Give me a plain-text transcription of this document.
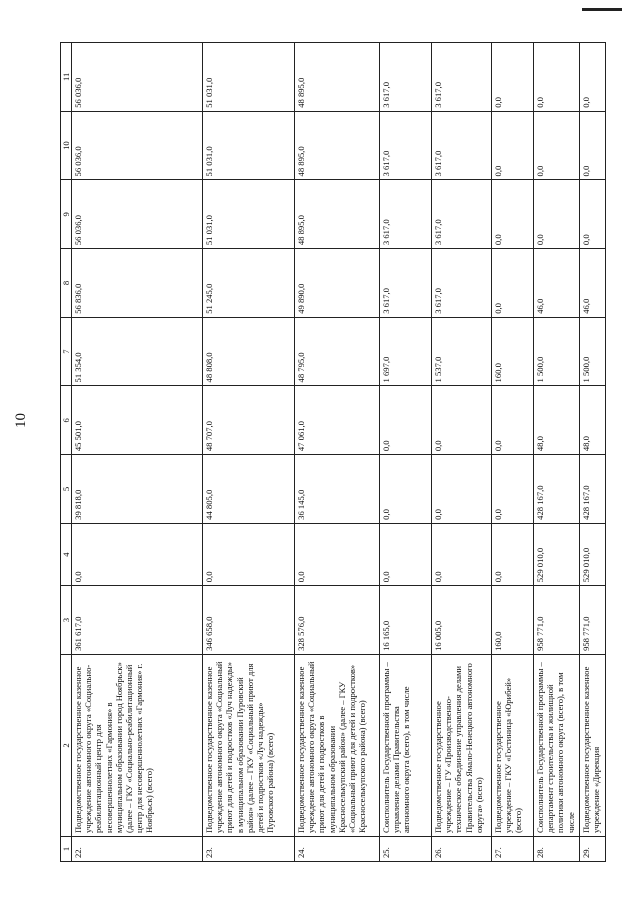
10
1	2	3	4	5	6	7	8	9	10	11
22.	Подведомственное государственное казенное учреждение автономного округа «Социально-реабилитационный центр для несовершеннолетних «Гармония» в муниципальном образовании город Ноябрьск» (далее – ГКУ «Социально-реабилитационный центр для несовершеннолетних «Гармония» г. Ноябрьск) (всего)	361 617,0	0,0	39 818,0	45 501,0	51 354,0	56 836,0	56 036,0	56 036,0	56 036,0
23.	Подведомственное государственное казенное учреждение автономного округа «Социальный приют для детей и подростков «Луч надежды» в муниципальном образовании Пуровский район» (далее – ГКУ «Социальный приют для детей и подростков «Луч надежды» Пуровского района) (всего)	346 658,0	0,0	44 805,0	48 707,0	48 808,0	51 245,0	51 031,0	51 031,0	51 031,0
24.	Подведомственное государственное казенное учреждение автономного округа «Социальный приют для детей и подростков в муниципальном образовании Красноселькупский район» (далее – ГКУ «Социальный приют для детей и подростков» Красноселькупского района) (всего)	328 576,0	0,0	36 145,0	47 061,0	48 795,0	49 890,0	48 895,0	48 895,0	48 895,0
25.	Соисполнитель Государственной программы – управление делами Правительства автономного округа (всего), в том числе	16 165,0	0,0	0,0	0,0	1 697,0	3 617,0	3 617,0	3 617,0	3 617,0
26.	Подведомственное государственное учреждение – ГУ «Производственно-техническое объединение управления делами Правительства Ямало-Ненецкого автономного округа» (всего)	16 005,0	0,0	0,0	0,0	1 537,0	3 617,0	3 617,0	3 617,0	3 617,0
27.	Подведомственное государственное учреждение – ГКУ «Гостиница «Юрибей» (всего)	160,0	0,0	0,0	0,0	160,0	0,0	0,0	0,0	0,0
28.	Соисполнитель Государственной программы – департамент строительства и жилищной политики автономного округа (всего), в том числе	958 771,0	529 010,0	428 167,0	48,0	1 500,0	46,0	0,0	0,0	0,0
29.	Подведомственное государственное казенное учреждение «Дирекция	958 771,0	529 010,0	428 167,0	48,0	1 500,0	46,0	0,0	0,0	0,0
